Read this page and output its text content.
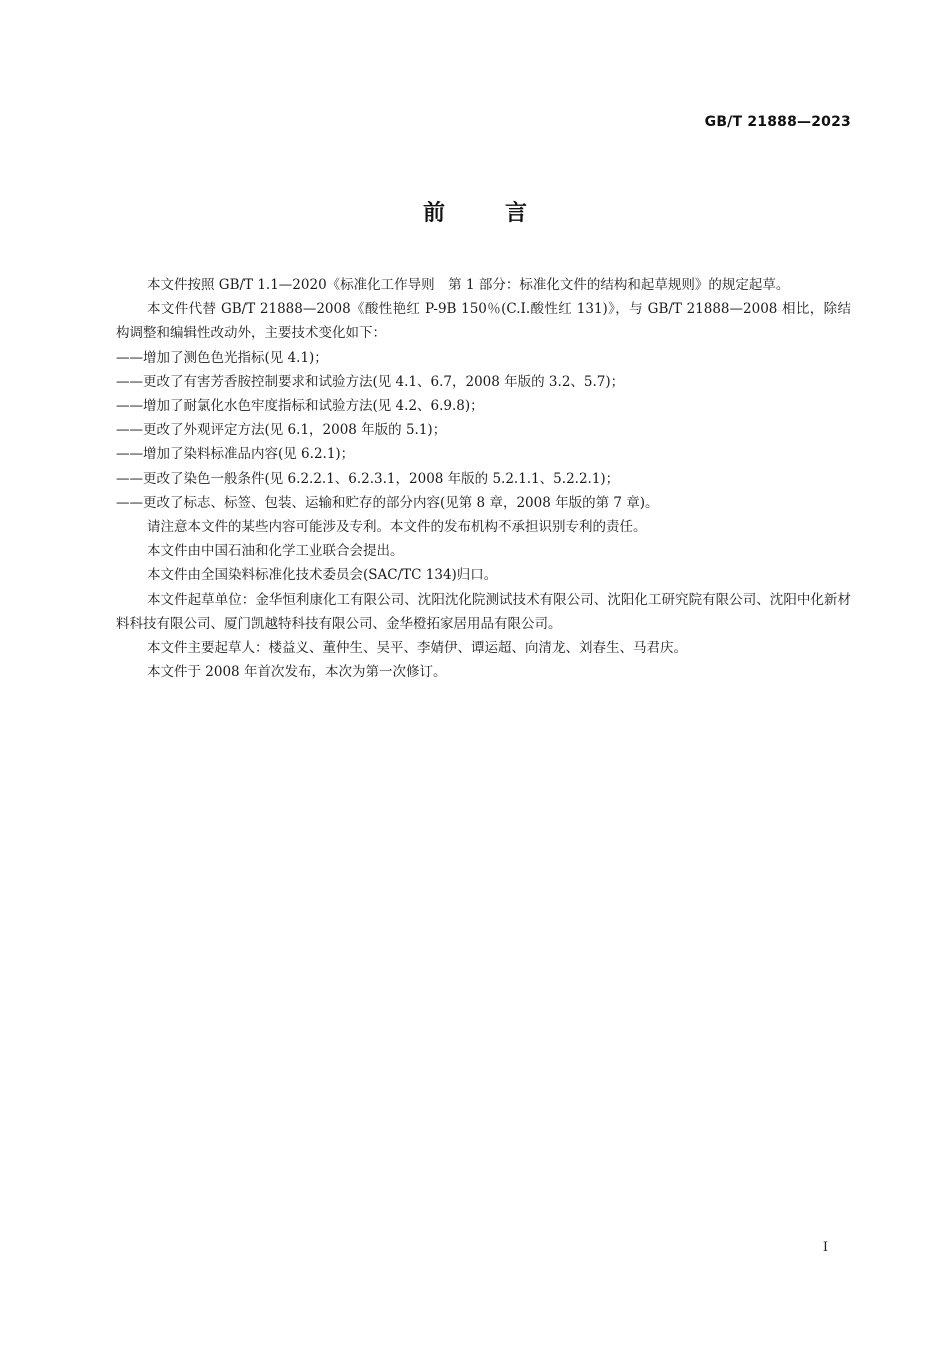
GB/T 21888—2023
前	言

本文件按照 GB/T 1.1—2020《标准化工作导则　第 1 部分：标准化文件的结构和起草规则》的规定起草。

本文件代替 GB/T 21888—2008《酸性艳红 P-9B 150％(C.I.酸性红 131)》，与 GB/T 21888—2008 相比，除结构调整和编辑性改动外，主要技术变化如下：

——增加了测色色光指标(见 4.1)；

——更改了有害芳香胺控制要求和试验方法(见 4.1、6.7，2008 年版的 3.2、5.7)；

——增加了耐氯化水色牢度指标和试验方法(见 4.2、6.9.8)；

——更改了外观评定方法(见 6.1，2008 年版的 5.1)；

——增加了染料标准品内容(见 6.2.1)；

——更改了染色一般条件(见 6.2.2.1、6.2.3.1，2008 年版的 5.2.1.1、5.2.2.1)；

——更改了标志、标签、包装、运输和贮存的部分内容(见第 8 章，2008 年版的第 7 章)。

请注意本文件的某些内容可能涉及专利。本文件的发布机构不承担识别专利的责任。

本文件由中国石油和化学工业联合会提出。

本文件由全国染料标准化技术委员会(SAC/TC 134)归口。

本文件起草单位：金华恒利康化工有限公司、沈阳沈化院测试技术有限公司、沈阳化工研究院有限公司、沈阳中化新材料科技有限公司、厦门凯越特科技有限公司、金华橙拓家居用品有限公司。

本文件主要起草人：楼益义、董仲生、吴平、李婧伊、谭运超、向清龙、刘春生、马君庆。

本文件于 2008 年首次发布，本次为第一次修订。

I
